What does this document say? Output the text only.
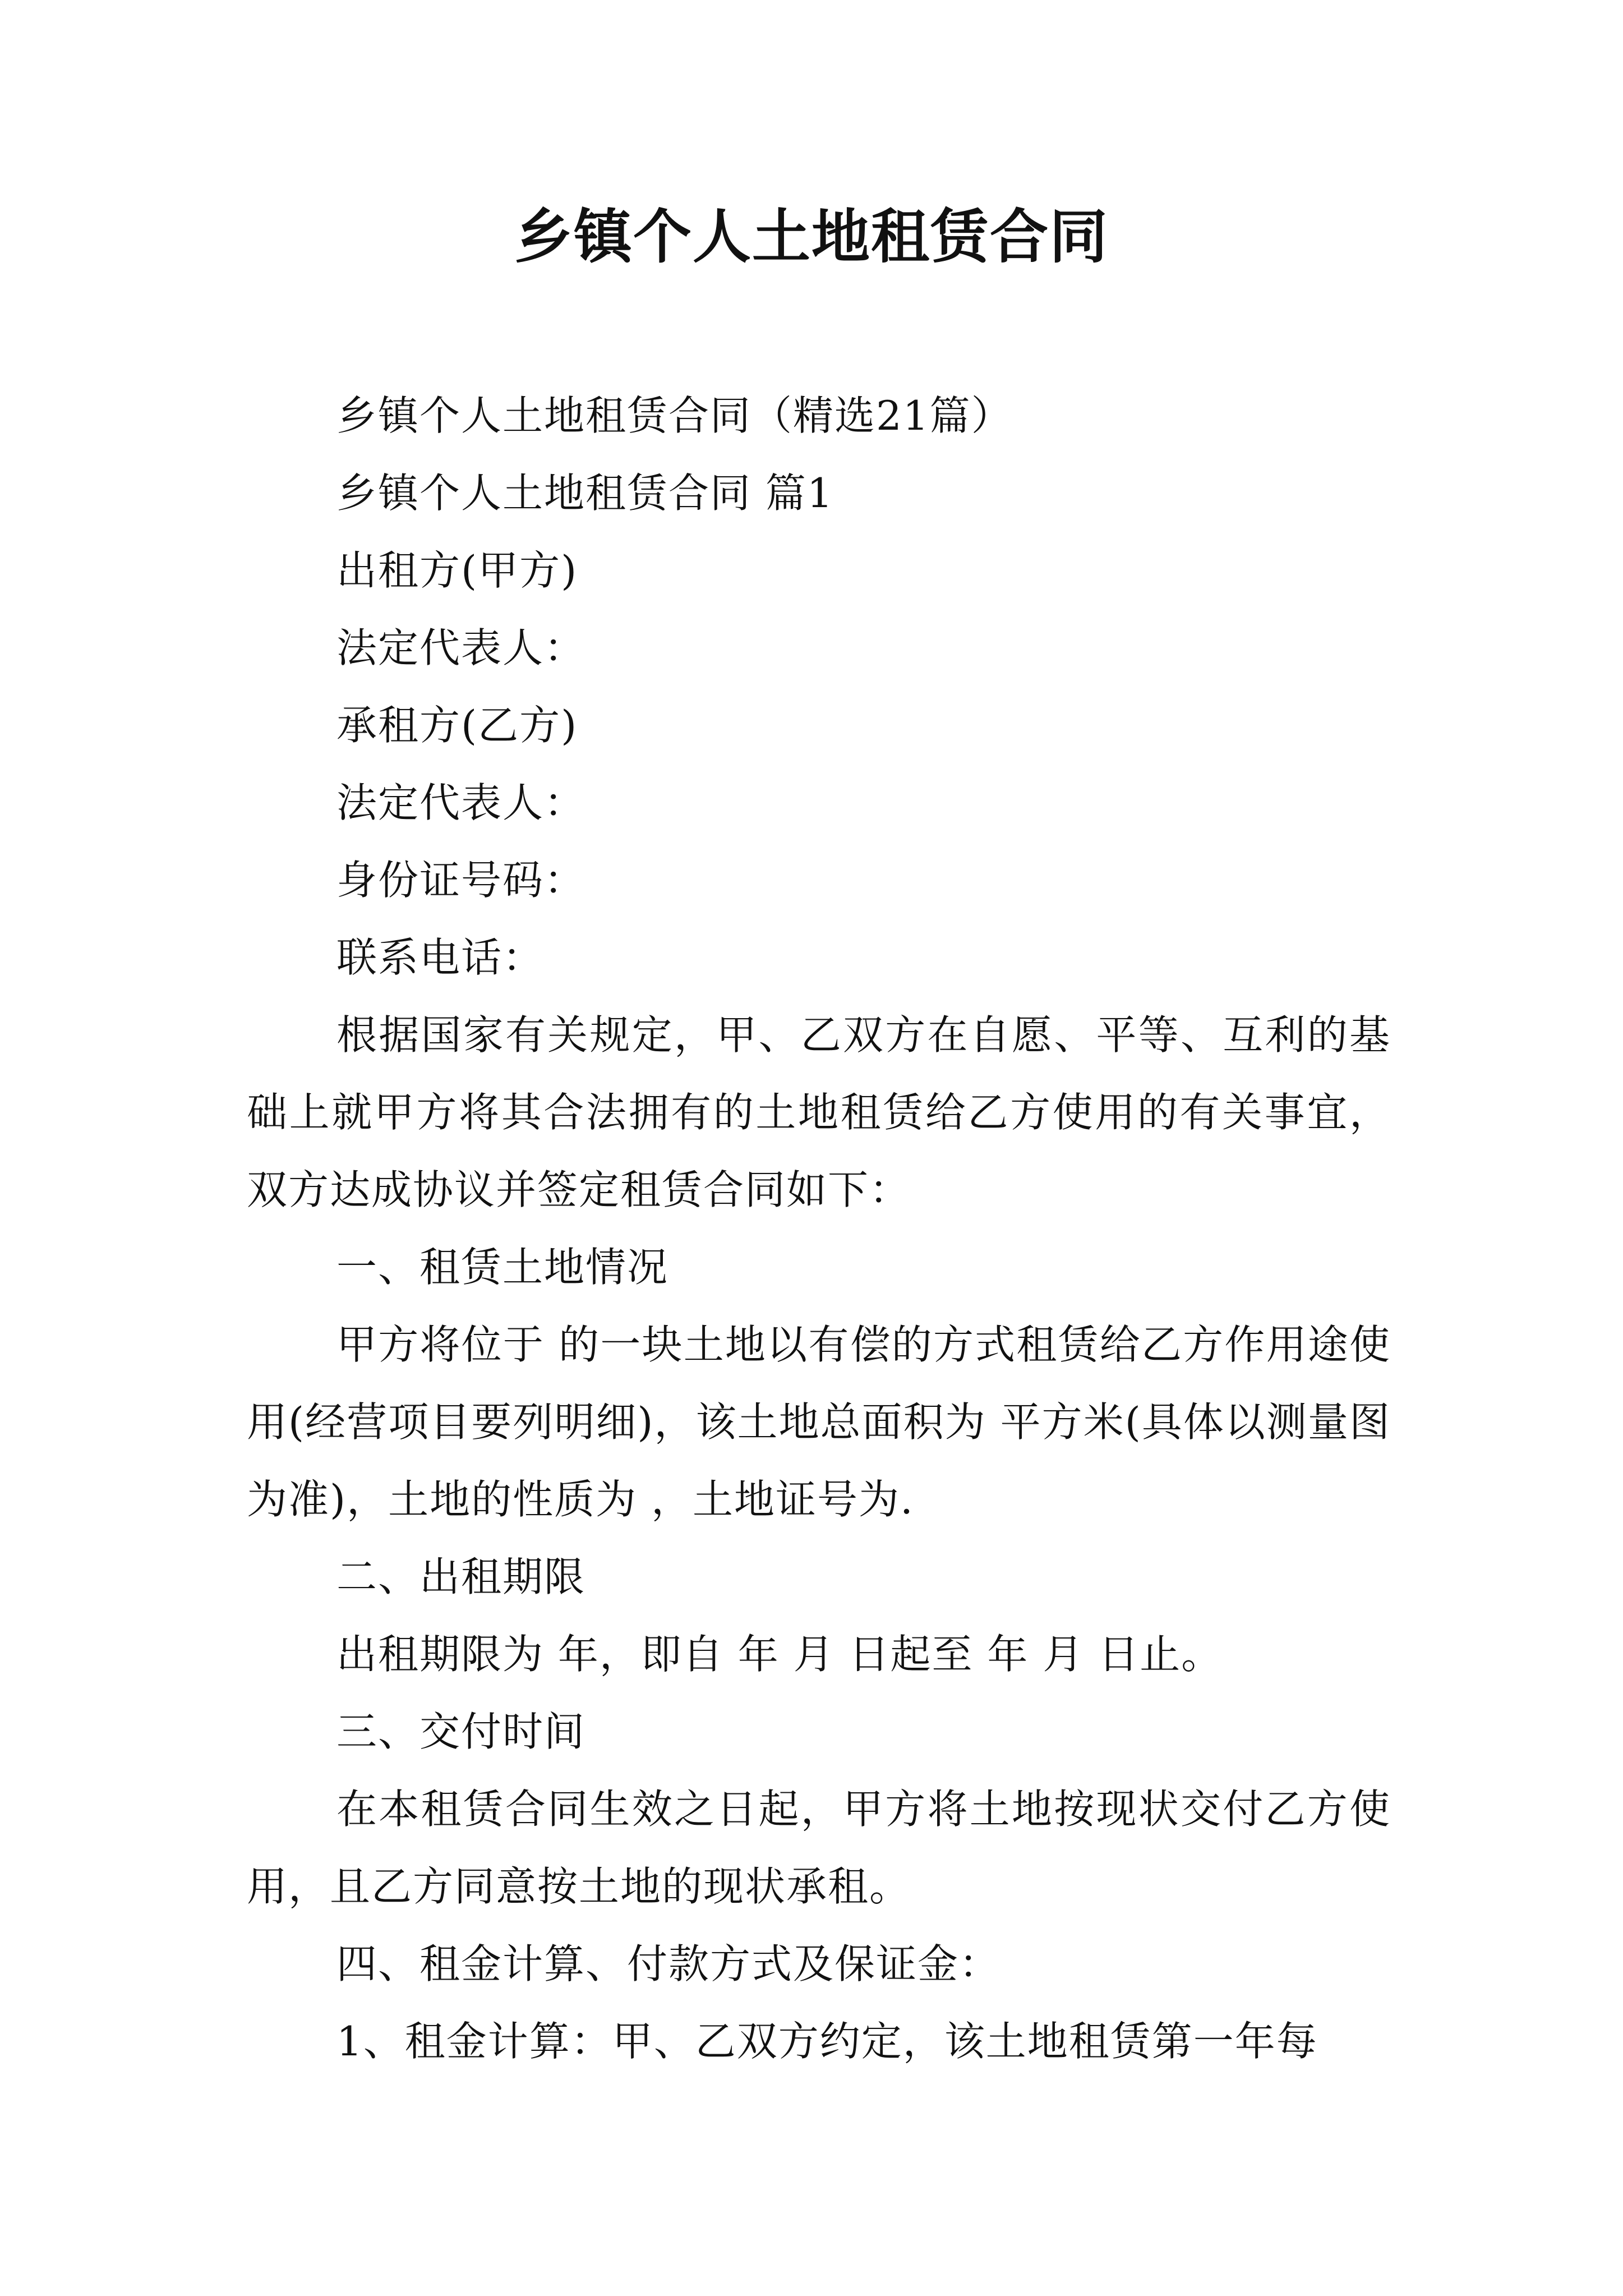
乡镇个人土地租赁合同

乡镇个人土地租赁合同（精选21篇）

乡镇个人土地租赁合同 篇1

出租方(甲方)

法定代表人：

承租方(乙方)

法定代表人：

身份证号码：

联系电话：

根据国家有关规定，甲、乙双方在自愿、平等、互利的基础上就甲方将其合法拥有的土地租赁给乙方使用的有关事宜，双方达成协议并签定租赁合同如下：

一、租赁土地情况

甲方将位于 的一块土地以有偿的方式租赁给乙方作用途使用(经营项目要列明细)，该土地总面积为 平方米(具体以测量图为准)，土地的性质为 ，土地证号为.

二、出租期限

出租期限为 年，即自 年 月 日起至 年 月 日止。

三、交付时间

在本租赁合同生效之日起，甲方将土地按现状交付乙方使用，且乙方同意按土地的现状承租。

四、租金计算、付款方式及保证金：

1、租金计算：甲、乙双方约定，该土地租赁第一年每
